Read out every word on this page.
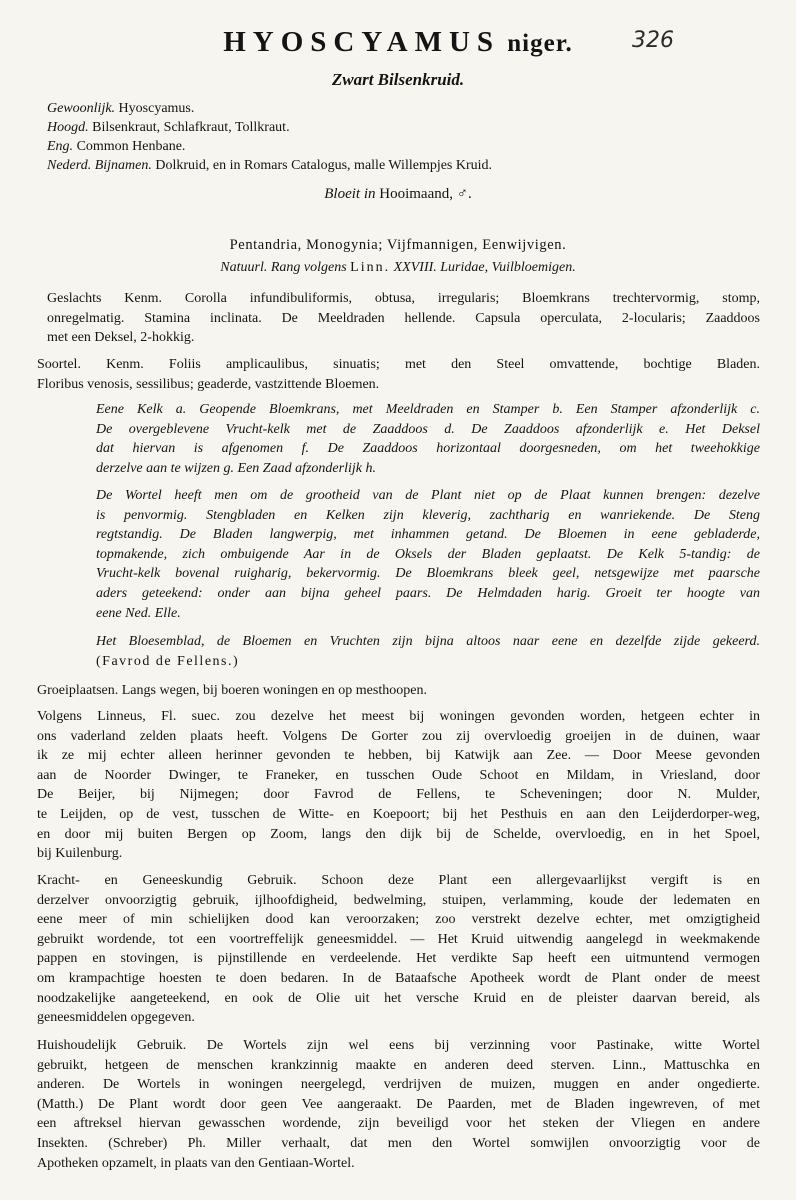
HYOSCYAMUS niger.	326
Zwart Bilsenkruid.
Gewoonlijk. Hyoscyamus.
Hoogd. Bilsenkraut, Schlafkraut, Tollkraut.
Eng. Common Henbane.
Nederd. Bijnamen. Dolkruid, en in Romars Catalogus, malle Willempjes Kruid.
Bloeit in Hooimaand, ♂.
Pentandria, Monogynia; Vijfmannigen, Eenwijvigen.
Natuurl. Rang volgens Linn. XXVIII. Luridae, Vuilbloemigen.
Geslachts Kenm. Corolla infundibuliformis, obtusa, irregularis; Bloemkrans trechtervormig, stomp,
onregelmatig. Stamina inclinata. De Meeldraden hellende. Capsula operculata, 2-locularis; Zaaddoos
met een Deksel, 2-hokkig.
Soortel. Kenm. Foliis amplicaulibus, sinuatis; met den Steel omvattende, bochtige Bladen.
Floribus venosis, sessilibus; geaderde, vastzittende Bloemen.
Eene Kelk a. Geopende Bloemkrans, met Meeldraden en Stamper b. Een Stamper afzonderlijk c.
De overgeblevene Vrucht-kelk met de Zaaddoos d. De Zaaddoos afzonderlijk e. Het Deksel
dat hiervan is afgenomen f. De Zaaddoos horizontaal doorgesneden, om het tweehokkige
derzelve aan te wijzen g. Een Zaad afzonderlijk h.
De Wortel heeft men om de grootheid van de Plant niet op de Plaat kunnen brengen: dezelve
is penvormig. Stengbladen en Kelken zijn kleverig, zachtharig en wanriekende. De Steng
regtstandig. De Bladen langwerpig, met inhammen getand. De Bloemen in eene gebladerde,
topmakende, zich ombuigende Aar in de Oksels der Bladen geplaatst. De Kelk 5-tandig: de
Vrucht-kelk bovenal ruigharig, bekervormig. De Bloemkrans bleek geel, netsgewijze met paarsche
aders geteekend: onder aan bijna geheel paars. De Helmdaden harig. Groeit ter hoogte van
eene Ned. Elle.
Het Bloesemblad, de Bloemen en Vruchten zijn bijna altoos naar eene en dezelfde zijde gekeerd.
(Favrod de Fellens.)
Groeiplaatsen. Langs wegen, bij boeren woningen en op mesthoopen.
Volgens Linneus, Fl. suec. zou dezelve het meest bij woningen gevonden worden, hetgeen echter in
ons vaderland zelden plaats heeft. Volgens De Gorter zou zij overvloedig groeijen in de duinen, waar
ik ze mij echter alleen herinner gevonden te hebben, bij Katwijk aan Zee. — Door Meese gevonden
aan de Noorder Dwinger, te Franeker, en tusschen Oude Schoot en Mildam, in Vriesland, door
De Beijer, bij Nijmegen; door Favrod de Fellens, te Scheveningen; door N. Mulder,
te Leijden, op de vest, tusschen de Witte- en Koepoort; bij het Pesthuis en aan den Leijderdorper-weg,
en door mij buiten Bergen op Zoom, langs den dijk bij de Schelde, overvloedig, en in het Spoel,
bij Kuilenburg.
Kracht- en Geneeskundig Gebruik. Schoon deze Plant een allergevaarlijkst vergift is en
derzelver onvoorzigtig gebruik, ijlhoofdigheid, bedwelming, stuipen, verlamming, koude der ledematen en
eene meer of min schielijken dood kan veroorzaken; zoo verstrekt dezelve echter, met omzigtigheid
gebruikt wordende, tot een voortreffelijk geneesmiddel. — Het Kruid uitwendig aangelegd in weekmakende
pappen en stovingen, is pijnstillende en verdeelende. Het verdikte Sap heeft een uitmuntend vermogen
om krampachtige hoesten te doen bedaren. In de Bataafsche Apotheek wordt de Plant onder de meest
noodzakelijke aangeteekend, en ook de Olie uit het versche Kruid en de pleister daarvan bereid, als
geneesmiddelen opgegeven.
Huishoudelijk Gebruik. De Wortels zijn wel eens bij verzinning voor Pastinake, witte Wortel
gebruikt, hetgeen de menschen krankzinnig maakte en anderen deed sterven. Linn., Mattuschka en
anderen. De Wortels in woningen neergelegd, verdrijven de muizen, muggen en ander ongedierte.
(Matth.) De Plant wordt door geen Vee aangeraakt. De Paarden, met de Bladen ingewreven, of met
een aftreksel hiervan gewasschen wordende, zijn beveiligd voor het steken der Vliegen en andere
Insekten. (Schreber) Ph. Miller verhaalt, dat men den Wortel somwijlen onvoorzigtig voor de
Apotheken opzamelt, in plaats van den Gentiaan-Wortel.
